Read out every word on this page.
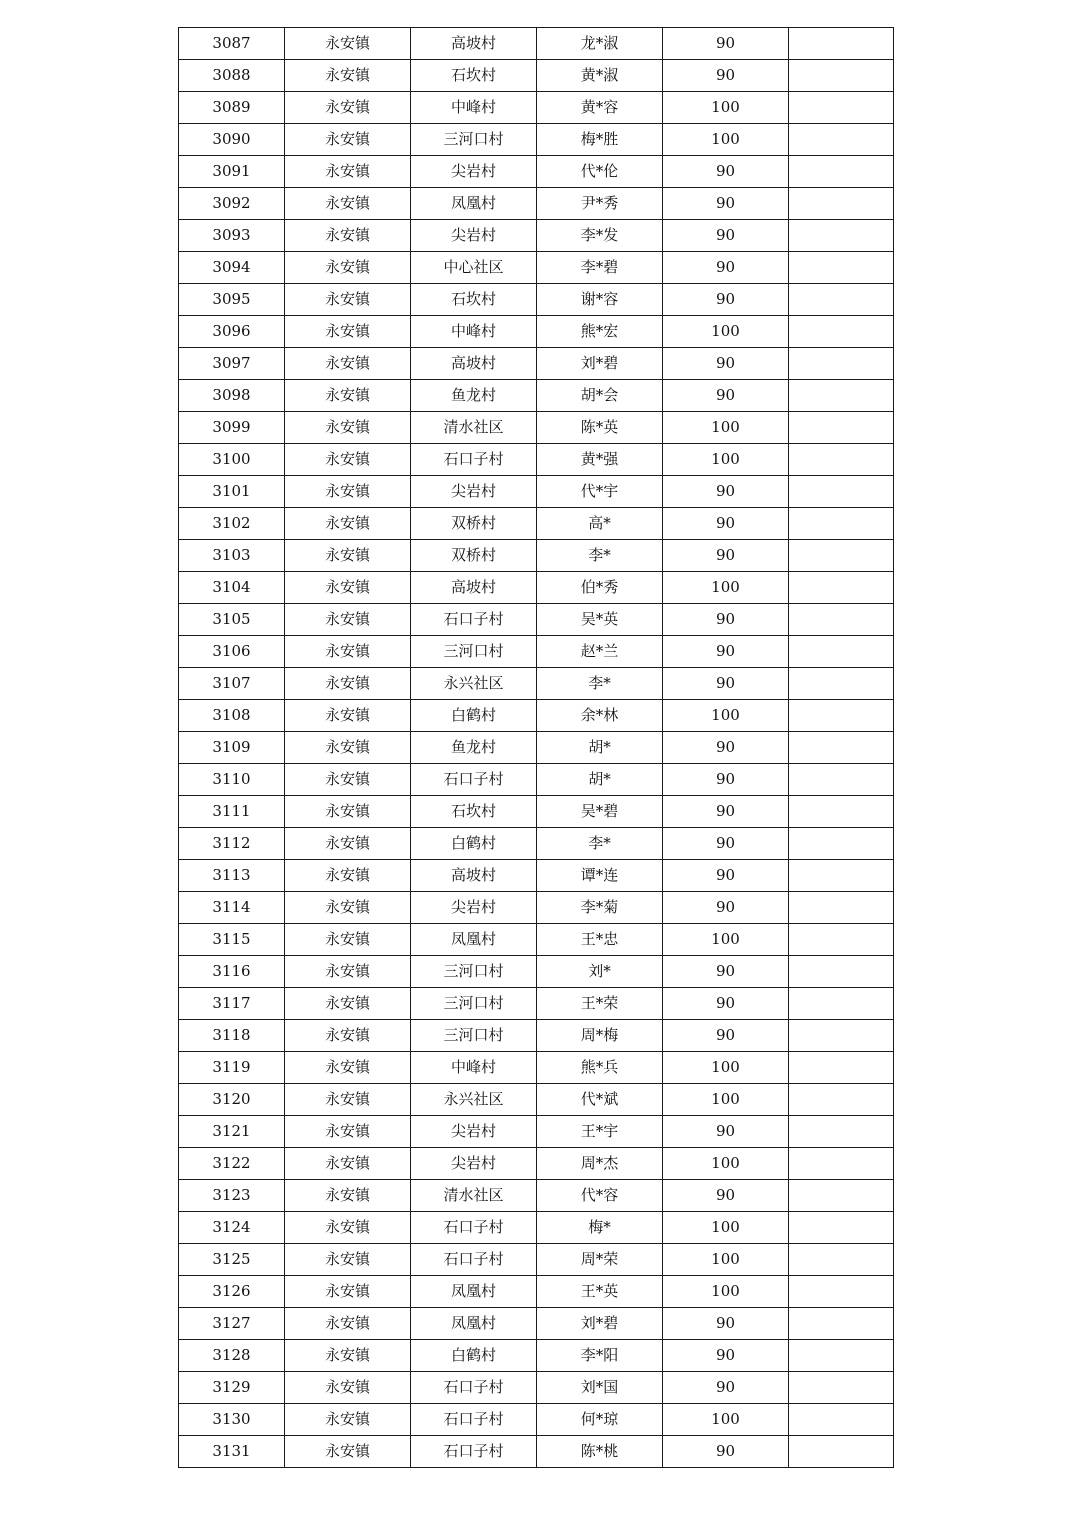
3087	永安镇	高坡村	龙*淑	90	
3088	永安镇	石坎村	黄*淑	90	
3089	永安镇	中峰村	黄*容	100	
3090	永安镇	三河口村	梅*胜	100	
3091	永安镇	尖岩村	代*伦	90	
3092	永安镇	凤凰村	尹*秀	90	
3093	永安镇	尖岩村	李*发	90	
3094	永安镇	中心社区	李*碧	90	
3095	永安镇	石坎村	谢*容	90	
3096	永安镇	中峰村	熊*宏	100	
3097	永安镇	高坡村	刘*碧	90	
3098	永安镇	鱼龙村	胡*会	90	
3099	永安镇	清水社区	陈*英	100	
3100	永安镇	石口子村	黄*强	100	
3101	永安镇	尖岩村	代*宇	90	
3102	永安镇	双桥村	高*	90	
3103	永安镇	双桥村	李*	90	
3104	永安镇	高坡村	伯*秀	100	
3105	永安镇	石口子村	吴*英	90	
3106	永安镇	三河口村	赵*兰	90	
3107	永安镇	永兴社区	李*	90	
3108	永安镇	白鹤村	余*林	100	
3109	永安镇	鱼龙村	胡*	90	
3110	永安镇	石口子村	胡*	90	
3111	永安镇	石坎村	吴*碧	90	
3112	永安镇	白鹤村	李*	90	
3113	永安镇	高坡村	谭*连	90	
3114	永安镇	尖岩村	李*菊	90	
3115	永安镇	凤凰村	王*忠	100	
3116	永安镇	三河口村	刘*	90	
3117	永安镇	三河口村	王*荣	90	
3118	永安镇	三河口村	周*梅	90	
3119	永安镇	中峰村	熊*兵	100	
3120	永安镇	永兴社区	代*斌	100	
3121	永安镇	尖岩村	王*宇	90	
3122	永安镇	尖岩村	周*杰	100	
3123	永安镇	清水社区	代*容	90	
3124	永安镇	石口子村	梅*	100	
3125	永安镇	石口子村	周*荣	100	
3126	永安镇	凤凰村	王*英	100	
3127	永安镇	凤凰村	刘*碧	90	
3128	永安镇	白鹤村	李*阳	90	
3129	永安镇	石口子村	刘*国	90	
3130	永安镇	石口子村	何*琼	100	
3131	永安镇	石口子村	陈*桃	90	
